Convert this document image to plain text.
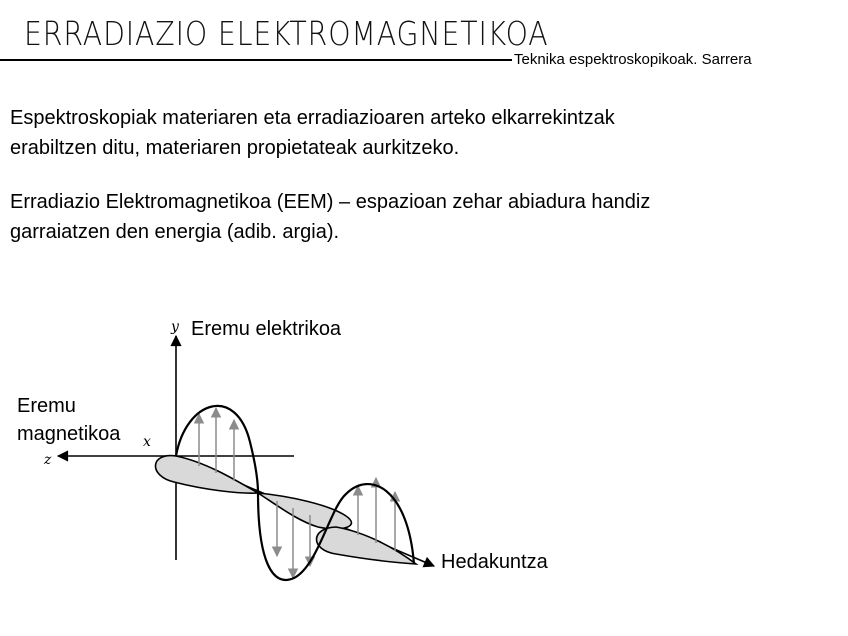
ERRADIAZIO ELEKTROMAGNETIKOA
Teknika espektroskopikoak. Sarrera

Espektroskopiak materiaren eta erradiazioaren arteko elkarrekintzak
erabiltzen ditu, materiaren propietateak aurkitzeko.

Erradiazio Elektromagnetikoa (EEM) – espazioan zehar abiadura handiz
garraiatzen den energia (adib. argia).

y
x
z
Eremu elektrikoa
Eremu
magnetikoa
Hedakuntza
